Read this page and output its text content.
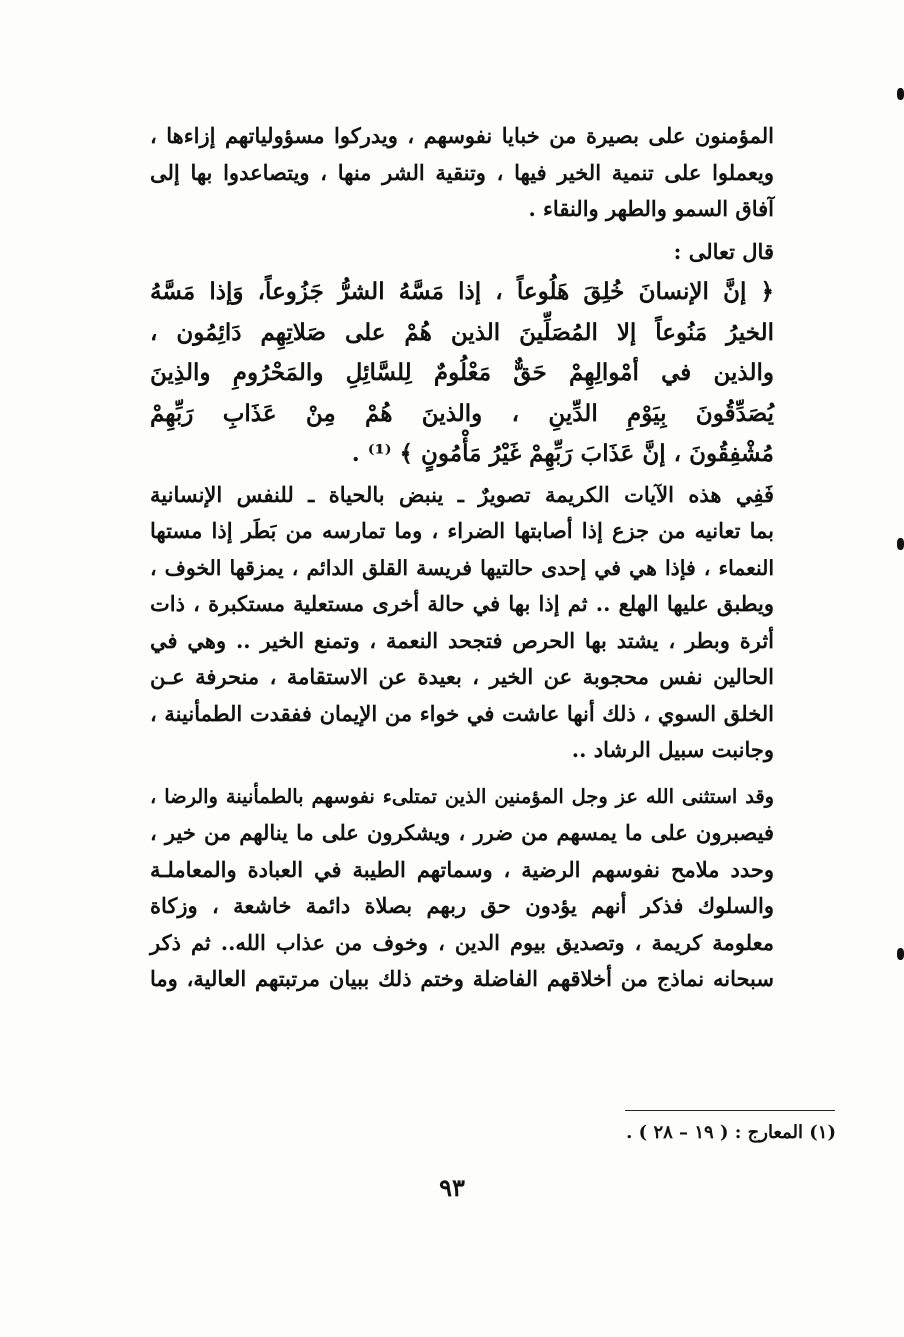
المؤمنون على بصيرة من خبايا نفوسهم ، ويدركوا مسؤولياتهم إزاءها ،
ويعملوا على تنمية الخير فيها ، وتنقية الشر منها ، ويتصاعدوا بها إلى
آفاق السمو والطهر والنقاء .
قال تعالى :
﴿ إنَّ الإنسانَ خُلِقَ هَلُوعاً ، إذا مَسَّهُ الشرُّ جَزُوعاً، وَإذا مَسَّهُ
الخيرُ مَنُوعاً إلا المُصَلِّينَ الذين هُمْ على صَلاتِهِم دَائِمُون ،
والذين في أمْوالِهِمْ حَقٌّ مَعْلُومٌ لِلسَّائِلِ والمَحْرُومِ والذِينَ
يُصَدِّقُونَ بِيَوْمِ الدِّينِ ، والذينَ هُمْ مِنْ عَذَابِ رَبِّهِمْ
مُشْفِقُونَ ، إنَّ عَذَابَ رَبِّهِمْ غَيْرُ مَأْمُونٍ ﴾ ⁽¹⁾ .
فَفِي هذه الآيات الكريمة تصويرٌ ـ ينبض بالحياة ـ للنفس الإنسانية
بما تعانيه من جزع إذا أصابتها الضراء ، وما تمارسه من بَطَر إذا مستها
النعماء ، فإذا هي في إحدى حالتيها فريسة القلق الدائم ، يمزقها الخوف ،
ويطبق عليها الهلع .. ثم إذا بها في حالة أخرى مستعلية مستكبرة ، ذات
أثرة وبطر ، يشتد بها الحرص فتجحد النعمة ، وتمنع الخير .. وهي في
الحالين نفس محجوبة عن الخير ، بعيدة عن الاستقامة ، منحرفة عـن
الخلق السوي ، ذلك أنها عاشت في خواء من الإيمان ففقدت الطمأنينة ،
وجانبت سبيل الرشاد ..
وقد استثنى الله عز وجل المؤمنين الذين تمتلىء نفوسهم بالطمأنينة والرضا ،
فيصبرون على ما يمسهم من ضرر ، ويشكرون على ما ينالهم من خير ،
وحدد ملامح نفوسهم الرضية ، وسماتهم الطيبة في العبادة والمعاملـة
والسلوك فذكر أنهم يؤدون حق ربهم بصلاة دائمة خاشعة ، وزكاة
معلومة كريمة ، وتصديق بيوم الدين ، وخوف من عذاب الله.. ثم ذكر
سبحانه نماذج من أخلاقهم الفاضلة وختم ذلك ببيان مرتبتهم العالية، وما
(١) المعارج : ( ١٩ – ٢٨ ) .
٩٣
